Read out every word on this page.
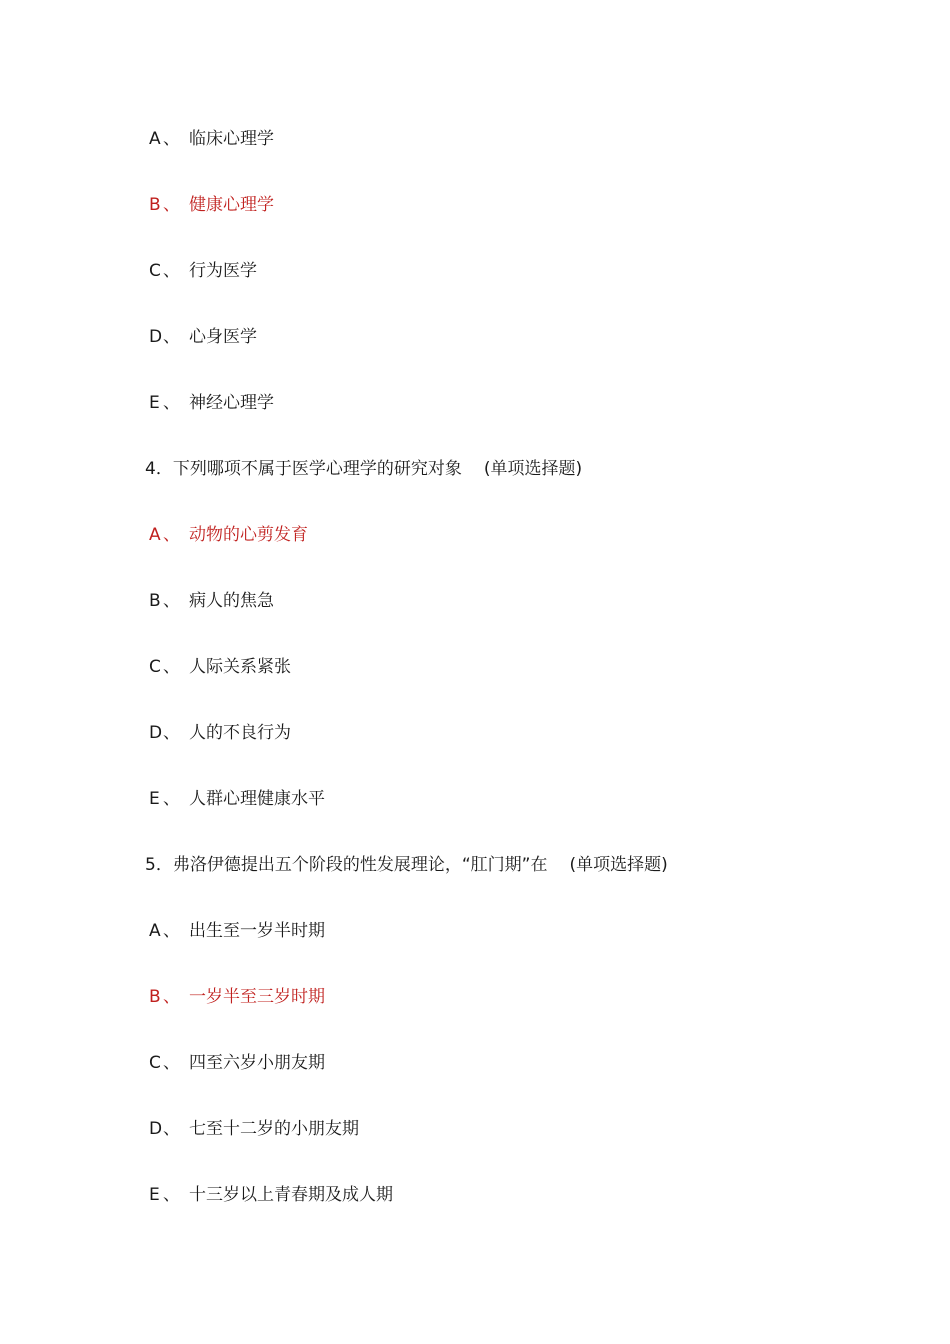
A 、 临床心理学
B 、 健康心理学
C 、 行为医学
D、 心身医学
E 、 神经心理学
4．下列哪项不属于医学心理学的研究对象 (单项选择题)
A 、 动物的心剪发育
B 、 病人的焦急
C 、 人际关系紧张
D、 人的不良行为
E 、 人群心理健康水平
5．弗洛伊德提出五个阶段的性发展理论，“肛门期”在 (单项选择题)
A 、 出生至一岁半时期
B 、 一岁半至三岁时期
C 、 四至六岁小朋友期
D、 七至十二岁的小朋友期
E 、 十三岁以上青春期及成人期
